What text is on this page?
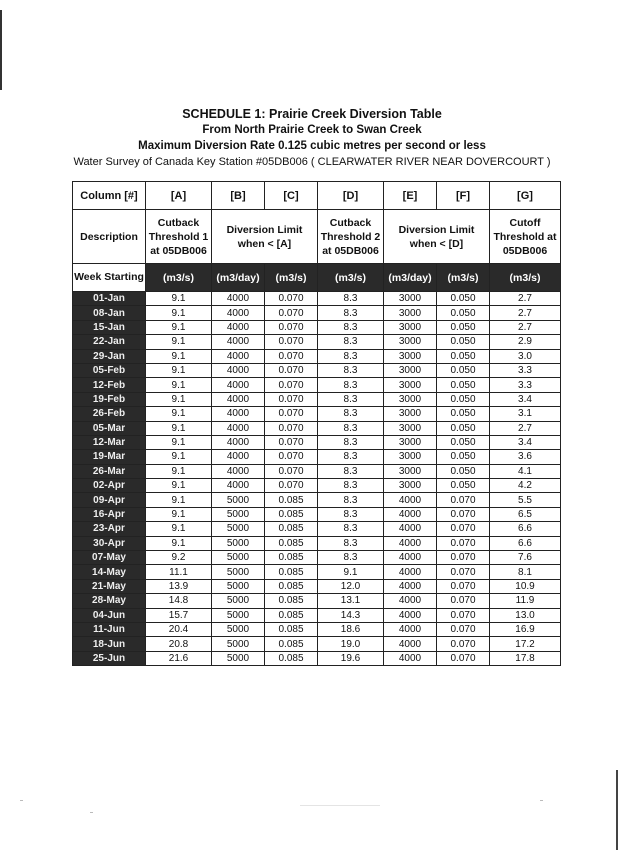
SCHEDULE 1: Prairie Creek Diversion Table
From North Prairie Creek to Swan Creek
Maximum Diversion Rate 0.125 cubic metres per second or less
Water Survey of Canada Key Station #05DB006 ( CLEARWATER RIVER NEAR DOVERCOURT )
Column [#]	[A]	[B]	[C]	[D]	[E]	[F]	[G]
Description	Cutback Threshold 1 at 05DB006	Diversion Limit when < [A]		Cutback Threshold 2 at 05DB006	Diversion Limit when < [D]		Cutoff Threshold at 05DB006
Week Starting	(m3/s)	(m3/day)	(m3/s)	(m3/s)	(m3/day)	(m3/s)	(m3/s)
01-Jan	9.1	4000	0.070	8.3	3000	0.050	2.7
08-Jan	9.1	4000	0.070	8.3	3000	0.050	2.7
15-Jan	9.1	4000	0.070	8.3	3000	0.050	2.7
22-Jan	9.1	4000	0.070	8.3	3000	0.050	2.9
29-Jan	9.1	4000	0.070	8.3	3000	0.050	3.0
05-Feb	9.1	4000	0.070	8.3	3000	0.050	3.3
12-Feb	9.1	4000	0.070	8.3	3000	0.050	3.3
19-Feb	9.1	4000	0.070	8.3	3000	0.050	3.4
26-Feb	9.1	4000	0.070	8.3	3000	0.050	3.1
05-Mar	9.1	4000	0.070	8.3	3000	0.050	2.7
12-Mar	9.1	4000	0.070	8.3	3000	0.050	3.4
19-Mar	9.1	4000	0.070	8.3	3000	0.050	3.6
26-Mar	9.1	4000	0.070	8.3	3000	0.050	4.1
02-Apr	9.1	4000	0.070	8.3	3000	0.050	4.2
09-Apr	9.1	5000	0.085	8.3	4000	0.070	5.5
16-Apr	9.1	5000	0.085	8.3	4000	0.070	6.5
23-Apr	9.1	5000	0.085	8.3	4000	0.070	6.6
30-Apr	9.1	5000	0.085	8.3	4000	0.070	6.6
07-May	9.2	5000	0.085	8.3	4000	0.070	7.6
14-May	11.1	5000	0.085	9.1	4000	0.070	8.1
21-May	13.9	5000	0.085	12.0	4000	0.070	10.9
28-May	14.8	5000	0.085	13.1	4000	0.070	11.9
04-Jun	15.7	5000	0.085	14.3	4000	0.070	13.0
11-Jun	20.4	5000	0.085	18.6	4000	0.070	16.9
18-Jun	20.8	5000	0.085	19.0	4000	0.070	17.2
25-Jun	21.6	5000	0.085	19.6	4000	0.070	17.8
